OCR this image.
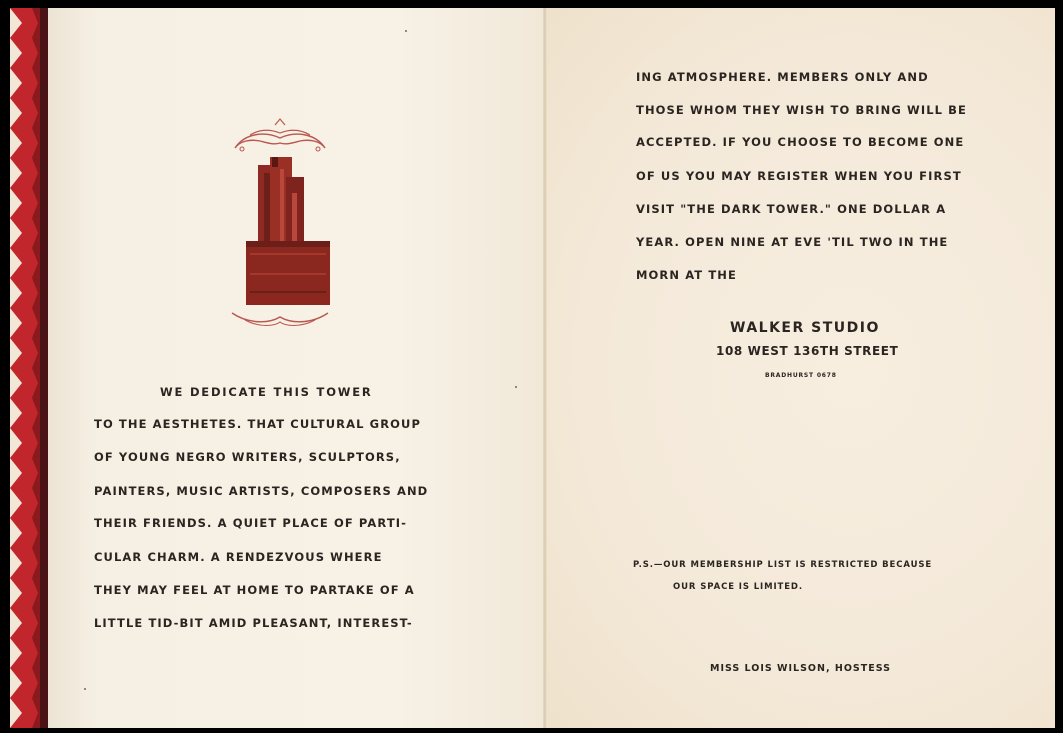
WE DEDICATE THIS TOWER

TO THE AESTHETES. THAT CULTURAL GROUP

OF YOUNG NEGRO WRITERS, SCULPTORS,

PAINTERS, MUSIC ARTISTS, COMPOSERS AND

THEIR FRIENDS. A QUIET PLACE OF PARTI-

CULAR CHARM. A RENDEZVOUS WHERE

THEY MAY FEEL AT HOME TO PARTAKE OF A

LITTLE TID-BIT AMID PLEASANT, INTEREST-

ING ATMOSPHERE. MEMBERS ONLY AND

THOSE WHOM THEY WISH TO BRING WILL BE

ACCEPTED. IF YOU CHOOSE TO BECOME ONE

OF US YOU MAY REGISTER WHEN YOU FIRST

VISIT "THE DARK TOWER." ONE DOLLAR A

YEAR. OPEN NINE AT EVE 'TIL TWO IN THE

MORN AT THE

WALKER STUDIO

108 WEST 136TH STREET

BRADHURST 0678

P.S.—OUR MEMBERSHIP LIST IS RESTRICTED BECAUSE

OUR SPACE IS LIMITED.

MISS LOIS WILSON, HOSTESS
